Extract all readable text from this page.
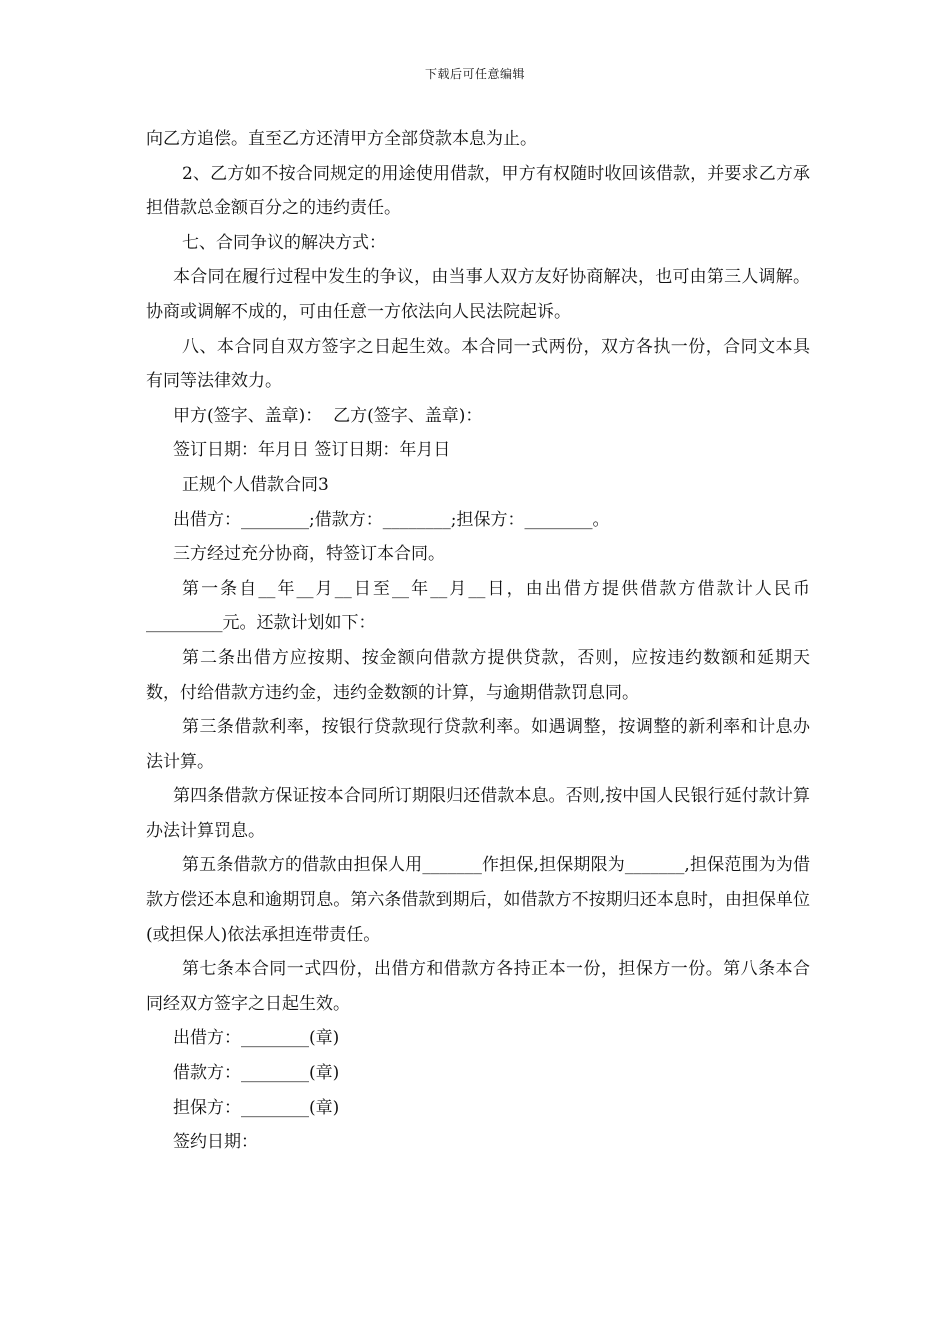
下载后可任意编辑

向乙方追偿。直至乙方还清甲方全部贷款本息为止。

2、乙方如不按合同规定的用途使用借款，甲方有权随时收回该借款，并要求乙方承担借款总金额百分之的违约责任。

七、合同争议的解决方式：

本合同在履行过程中发生的争议，由当事人双方友好协商解决，也可由第三人调解。协商或调解不成的，可由任意一方依法向人民法院起诉。

八、本合同自双方签字之日起生效。本合同一式两份，双方各执一份，合同文本具有同等法律效力。

甲方(签字、盖章)：  乙方(签字、盖章)：

签订日期：年月日 签订日期：年月日

正规个人借款合同3

出借方：________;借款方：________;担保方：________。

三方经过充分协商，特签订本合同。

第一条自__年__月__日至__年__月__日，由出借方提供借款方借款计人民币_________元。还款计划如下：

第二条出借方应按期、按金额向借款方提供贷款，否则，应按违约数额和延期天数，付给借款方违约金，违约金数额的计算，与逾期借款罚息同。

第三条借款利率，按银行贷款现行贷款利率。如遇调整，按调整的新利率和计息办法计算。

第四条借款方保证按本合同所订期限归还借款本息。否则,按中国人民银行延付款计算办法计算罚息。

第五条借款方的借款由担保人用_______作担保,担保期限为_______,担保范围为为借款方偿还本息和逾期罚息。第六条借款到期后，如借款方不按期归还本息时，由担保单位(或担保人)依法承担连带责任。

第七条本合同一式四份，出借方和借款方各持正本一份，担保方一份。第八条本合同经双方签字之日起生效。

出借方：________(章)

借款方：________(章)

担保方：________(章)

签约日期：
